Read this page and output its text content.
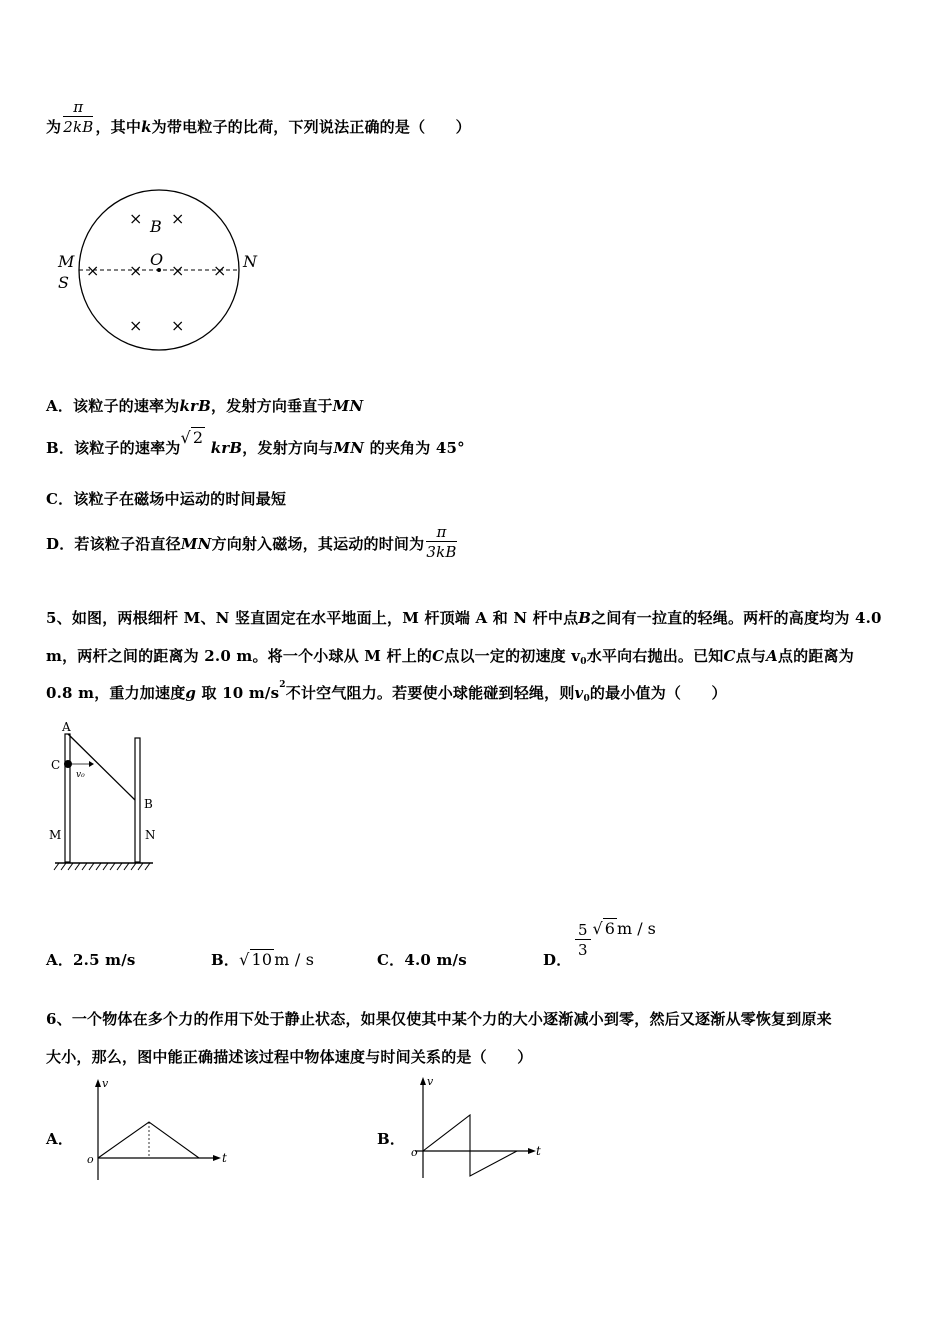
为 $\frac{\pi}{2kB}$ ，其中k为带电粒子的比荷，下列说法正确的是（　　）
M
S
N
O
B
× ×
× × × ×
× ×
A．该粒子的速率为krB，发射方向垂直于MN
B．该粒子的速率为√ 2 krB，发射方向与MN 的夹角为 45°
C．该粒子在磁场中运动的时间最短
D．若该粒子沿直径MN方向射入磁场，其运动的时间为 $\frac{\pi}{3kB}$
5、如图，两根细杆 M、N 竖直固定在水平地面上，M 杆顶端 A 和 N 杆中点B之间有一拉直的轻绳。两杆的高度均为 4.0
m，两杆之间的距离为 2.0 m。将一个小球从 M 杆上的C点以一定的初速度 $v_0$水平向右抛出。已知C点与A点的距离为
0.8 m，重力加速度g 取 10 $m/s^2$不计空气阻力。若要使小球能碰到轻绳，则$v_0$的最小值为（　　）
A
C
v₀
B
M	N
A．2.5 m/s	B．√ 10 m / s	C．4.0 m/s	D．
$\frac{5}{3}$ √ 6 m / s
6、一个物体在多个力的作用下处于静止状态，如果仅使其中某个力的大小逐渐减小到零，然后又逐渐从零恢复到原来
大小，那么，图中能正确描述该过程中物体速度与时间关系的是（　　）
A．
v
t
o
B．
v
t
o
